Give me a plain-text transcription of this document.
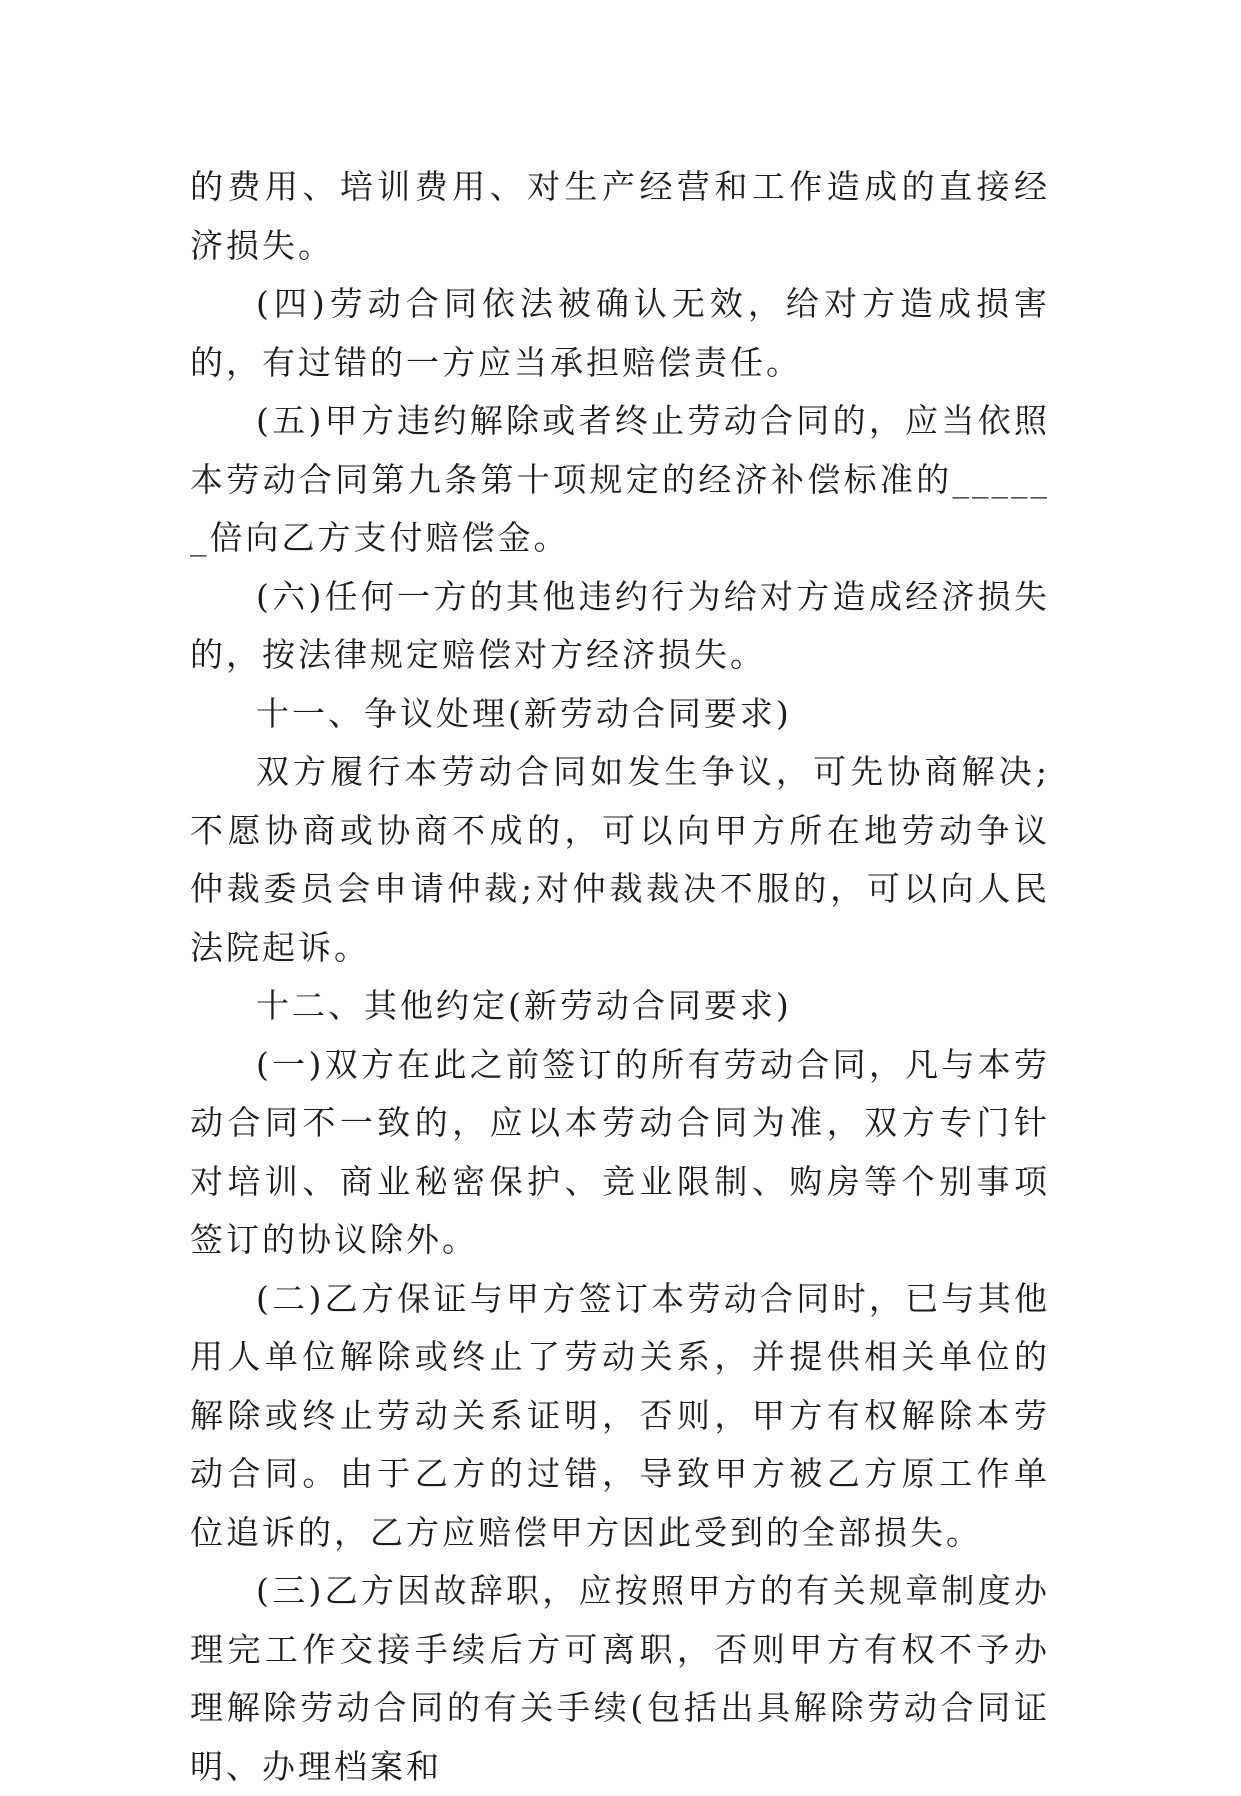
的费用、培训费用、对生产经营和工作造成的直接经济损失。

(四)劳动合同依法被确认无效，给对方造成损害的，有过错的一方应当承担赔偿责任。

(五)甲方违约解除或者终止劳动合同的，应当依照本劳动合同第九条第十项规定的经济补偿标准的______倍向乙方支付赔偿金。

(六)任何一方的其他违约行为给对方造成经济损失的，按法律规定赔偿对方经济损失。

十一、争议处理(新劳动合同要求)

双方履行本劳动合同如发生争议，可先协商解决;不愿协商或协商不成的，可以向甲方所在地劳动争议仲裁委员会申请仲裁;对仲裁裁决不服的，可以向人民法院起诉。

十二、其他约定(新劳动合同要求)

(一)双方在此之前签订的所有劳动合同，凡与本劳动合同不一致的，应以本劳动合同为准，双方专门针对培训、商业秘密保护、竞业限制、购房等个别事项签订的协议除外。

(二)乙方保证与甲方签订本劳动合同时，已与其他用人单位解除或终止了劳动关系，并提供相关单位的解除或终止劳动关系证明，否则，甲方有权解除本劳动合同。由于乙方的过错，导致甲方被乙方原工作单位追诉的，乙方应赔偿甲方因此受到的全部损失。

(三)乙方因故辞职，应按照甲方的有关规章制度办理完工作交接手续后方可离职，否则甲方有权不予办理解除劳动合同的有关手续(包括出具解除劳动合同证明、办理档案和
